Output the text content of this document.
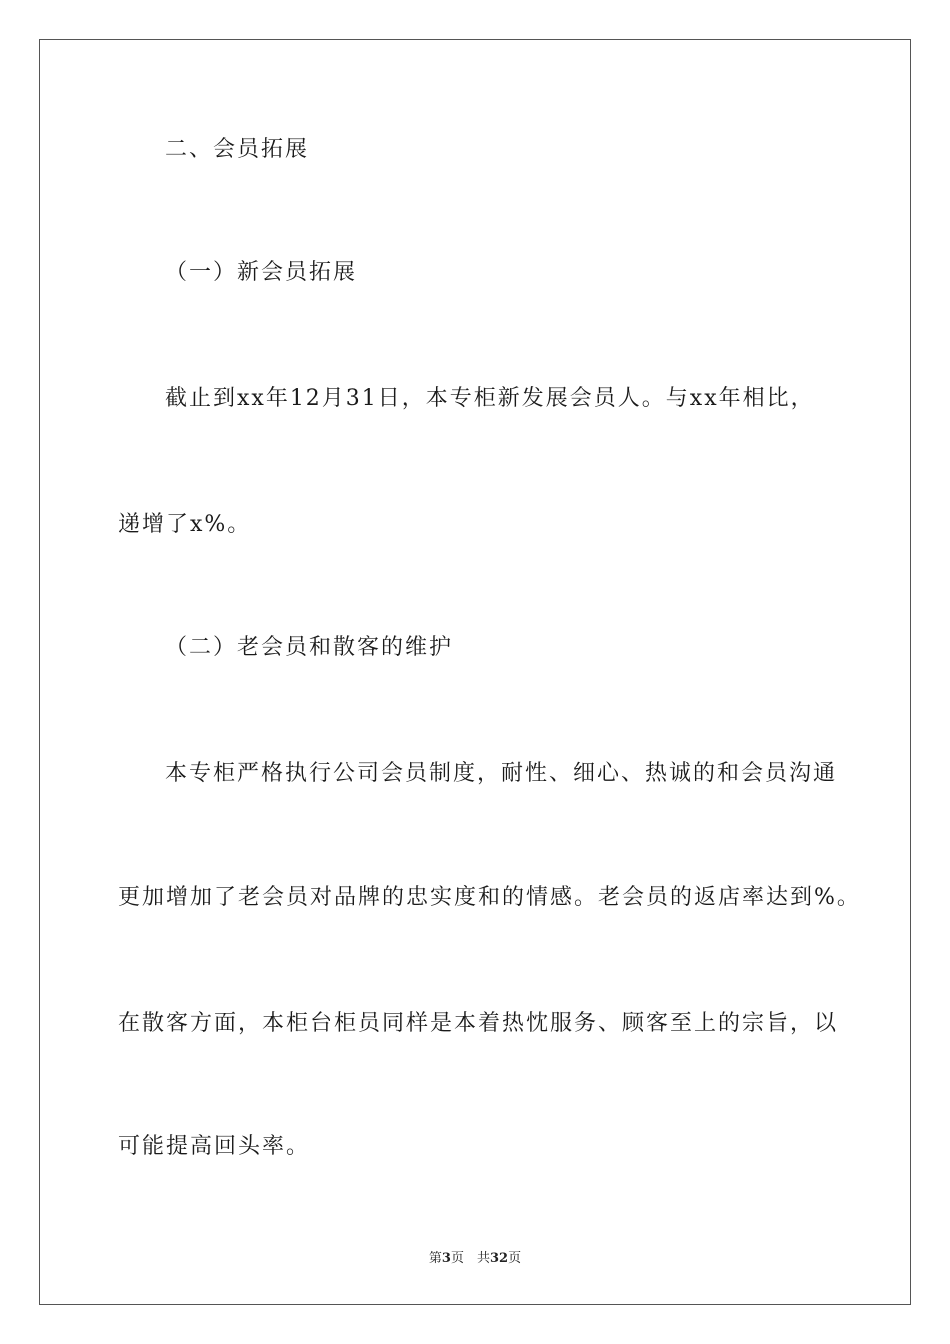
二、会员拓展
（一）新会员拓展
截止到xx年12月31日，本专柜新发展会员人。与xx年相比，
递增了x%。
（二）老会员和散客的维护
本专柜严格执行公司会员制度，耐性、细心、热诚的和会员沟通
更加增加了老会员对品牌的忠实度和的情感。老会员的返店率达到%。
在散客方面，本柜台柜员同样是本着热忱服务、顾客至上的宗旨，以
可能提高回头率。
第3页　共32页
